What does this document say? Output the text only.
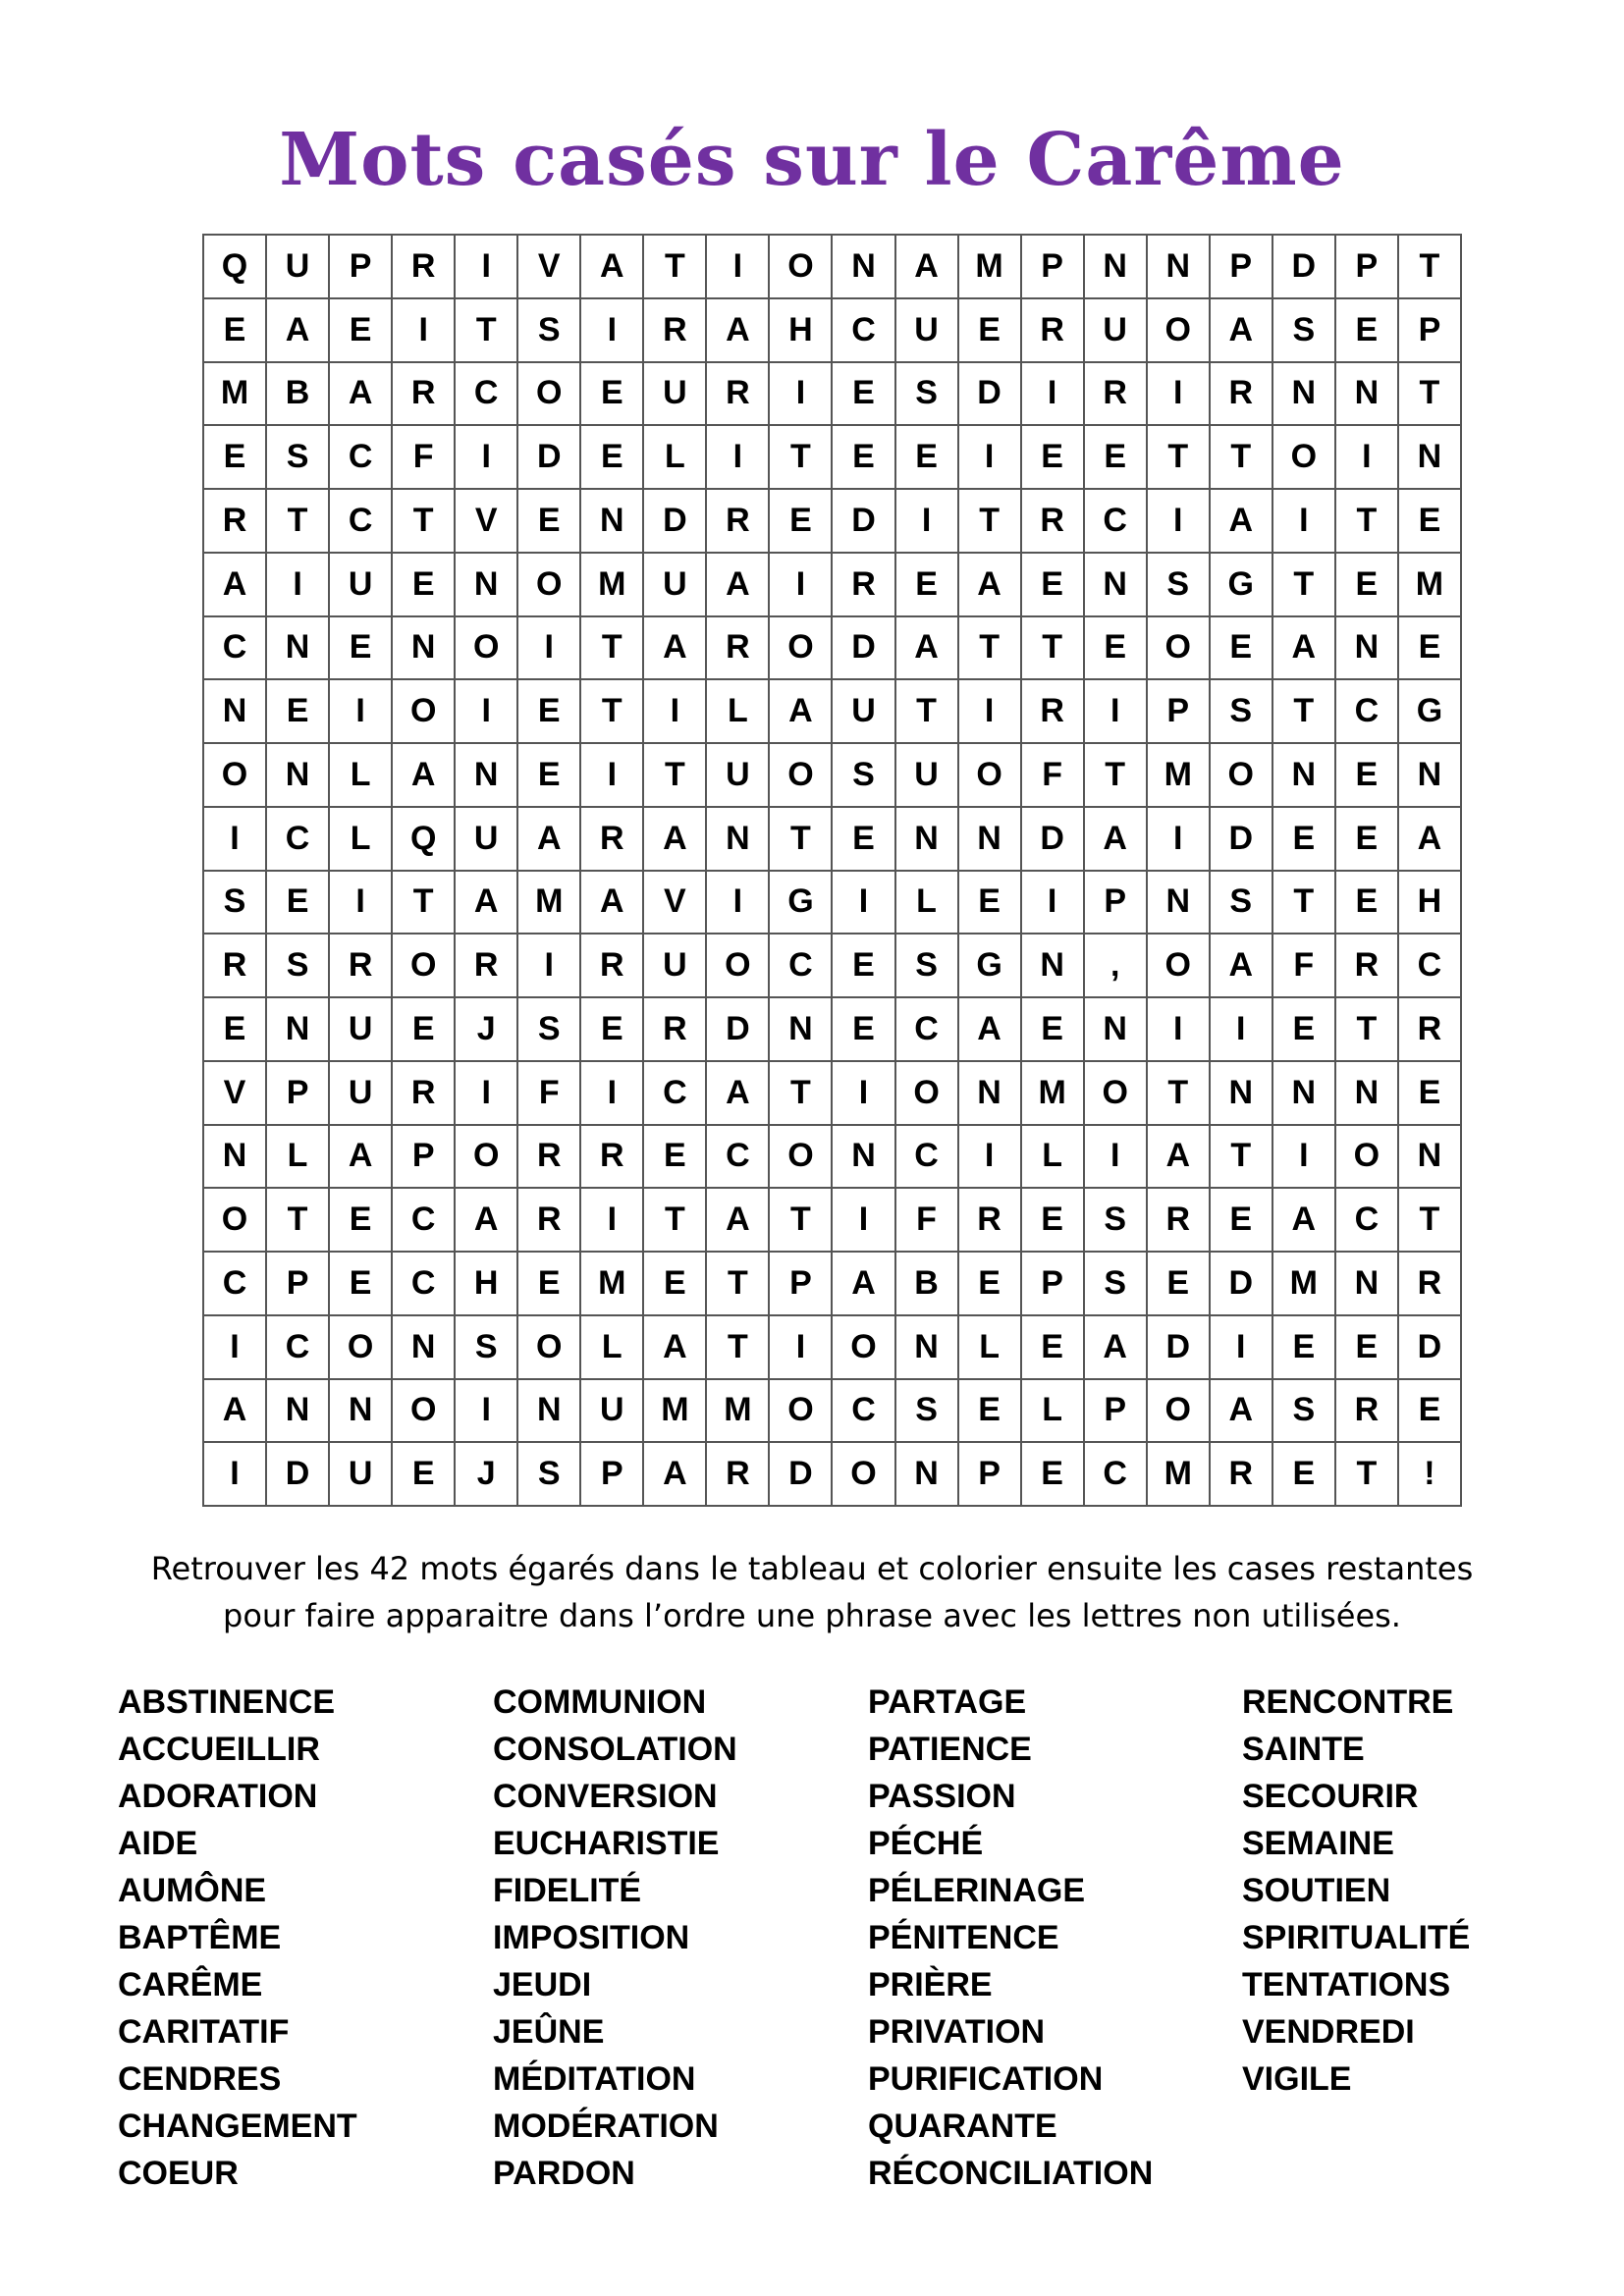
Mots casés sur le Carême
Q	U	P	R	I	V	A	T	I	O	N	A	M	P	N	N	P	D	P	T
E	A	E	I	T	S	I	R	A	H	C	U	E	R	U	O	A	S	E	P
M	B	A	R	C	O	E	U	R	I	E	S	D	I	R	I	R	N	N	T
E	S	C	F	I	D	E	L	I	T	E	E	I	E	E	T	T	O	I	N
R	T	C	T	V	E	N	D	R	E	D	I	T	R	C	I	A	I	T	E
A	I	U	E	N	O	M	U	A	I	R	E	A	E	N	S	G	T	E	M
C	N	E	N	O	I	T	A	R	O	D	A	T	T	E	O	E	A	N	E
N	E	I	O	I	E	T	I	L	A	U	T	I	R	I	P	S	T	C	G
O	N	L	A	N	E	I	T	U	O	S	U	O	F	T	M	O	N	E	N
I	C	L	Q	U	A	R	A	N	T	E	N	N	D	A	I	D	E	E	A
S	E	I	T	A	M	A	V	I	G	I	L	E	I	P	N	S	T	E	H
R	S	R	O	R	I	R	U	O	C	E	S	G	N	,	O	A	F	R	C
E	N	U	E	J	S	E	R	D	N	E	C	A	E	N	I	I	E	T	R
V	P	U	R	I	F	I	C	A	T	I	O	N	M	O	T	N	N	N	E
N	L	A	P	O	R	R	E	C	O	N	C	I	L	I	A	T	I	O	N
O	T	E	C	A	R	I	T	A	T	I	F	R	E	S	R	E	A	C	T
C	P	E	C	H	E	M	E	T	P	A	B	E	P	S	E	D	M	N	R
I	C	O	N	S	O	L	A	T	I	O	N	L	E	A	D	I	E	E	D
A	N	N	O	I	N	U	M	M	O	C	S	E	L	P	O	A	S	R	E
I	D	U	E	J	S	P	A	R	D	O	N	P	E	C	M	R	E	T	!
Retrouver les 42 mots égarés dans le tableau et colorier ensuite les cases restantes
pour faire apparaitre dans l’ordre une phrase avec les lettres non utilisées.
ABSTINENCE
ACCUEILLIR
ADORATION
AIDE
AUMÔNE
BAPTÊME
CARÊME
CARITATIF
CENDRES
CHANGEMENT
COEUR
COMMUNION
CONSOLATION
CONVERSION
EUCHARISTIE
FIDELITÉ
IMPOSITION
JEUDI
JEÛNE
MÉDITATION
MODÉRATION
PARDON
PARTAGE
PATIENCE
PASSION
PÉCHÉ
PÉLERINAGE
PÉNITENCE
PRIÈRE
PRIVATION
PURIFICATION
QUARANTE
RÉCONCILIATION
RENCONTRE
SAINTE
SECOURIR
SEMAINE
SOUTIEN
SPIRITUALITÉ
TENTATIONS
VENDREDI
VIGILE
